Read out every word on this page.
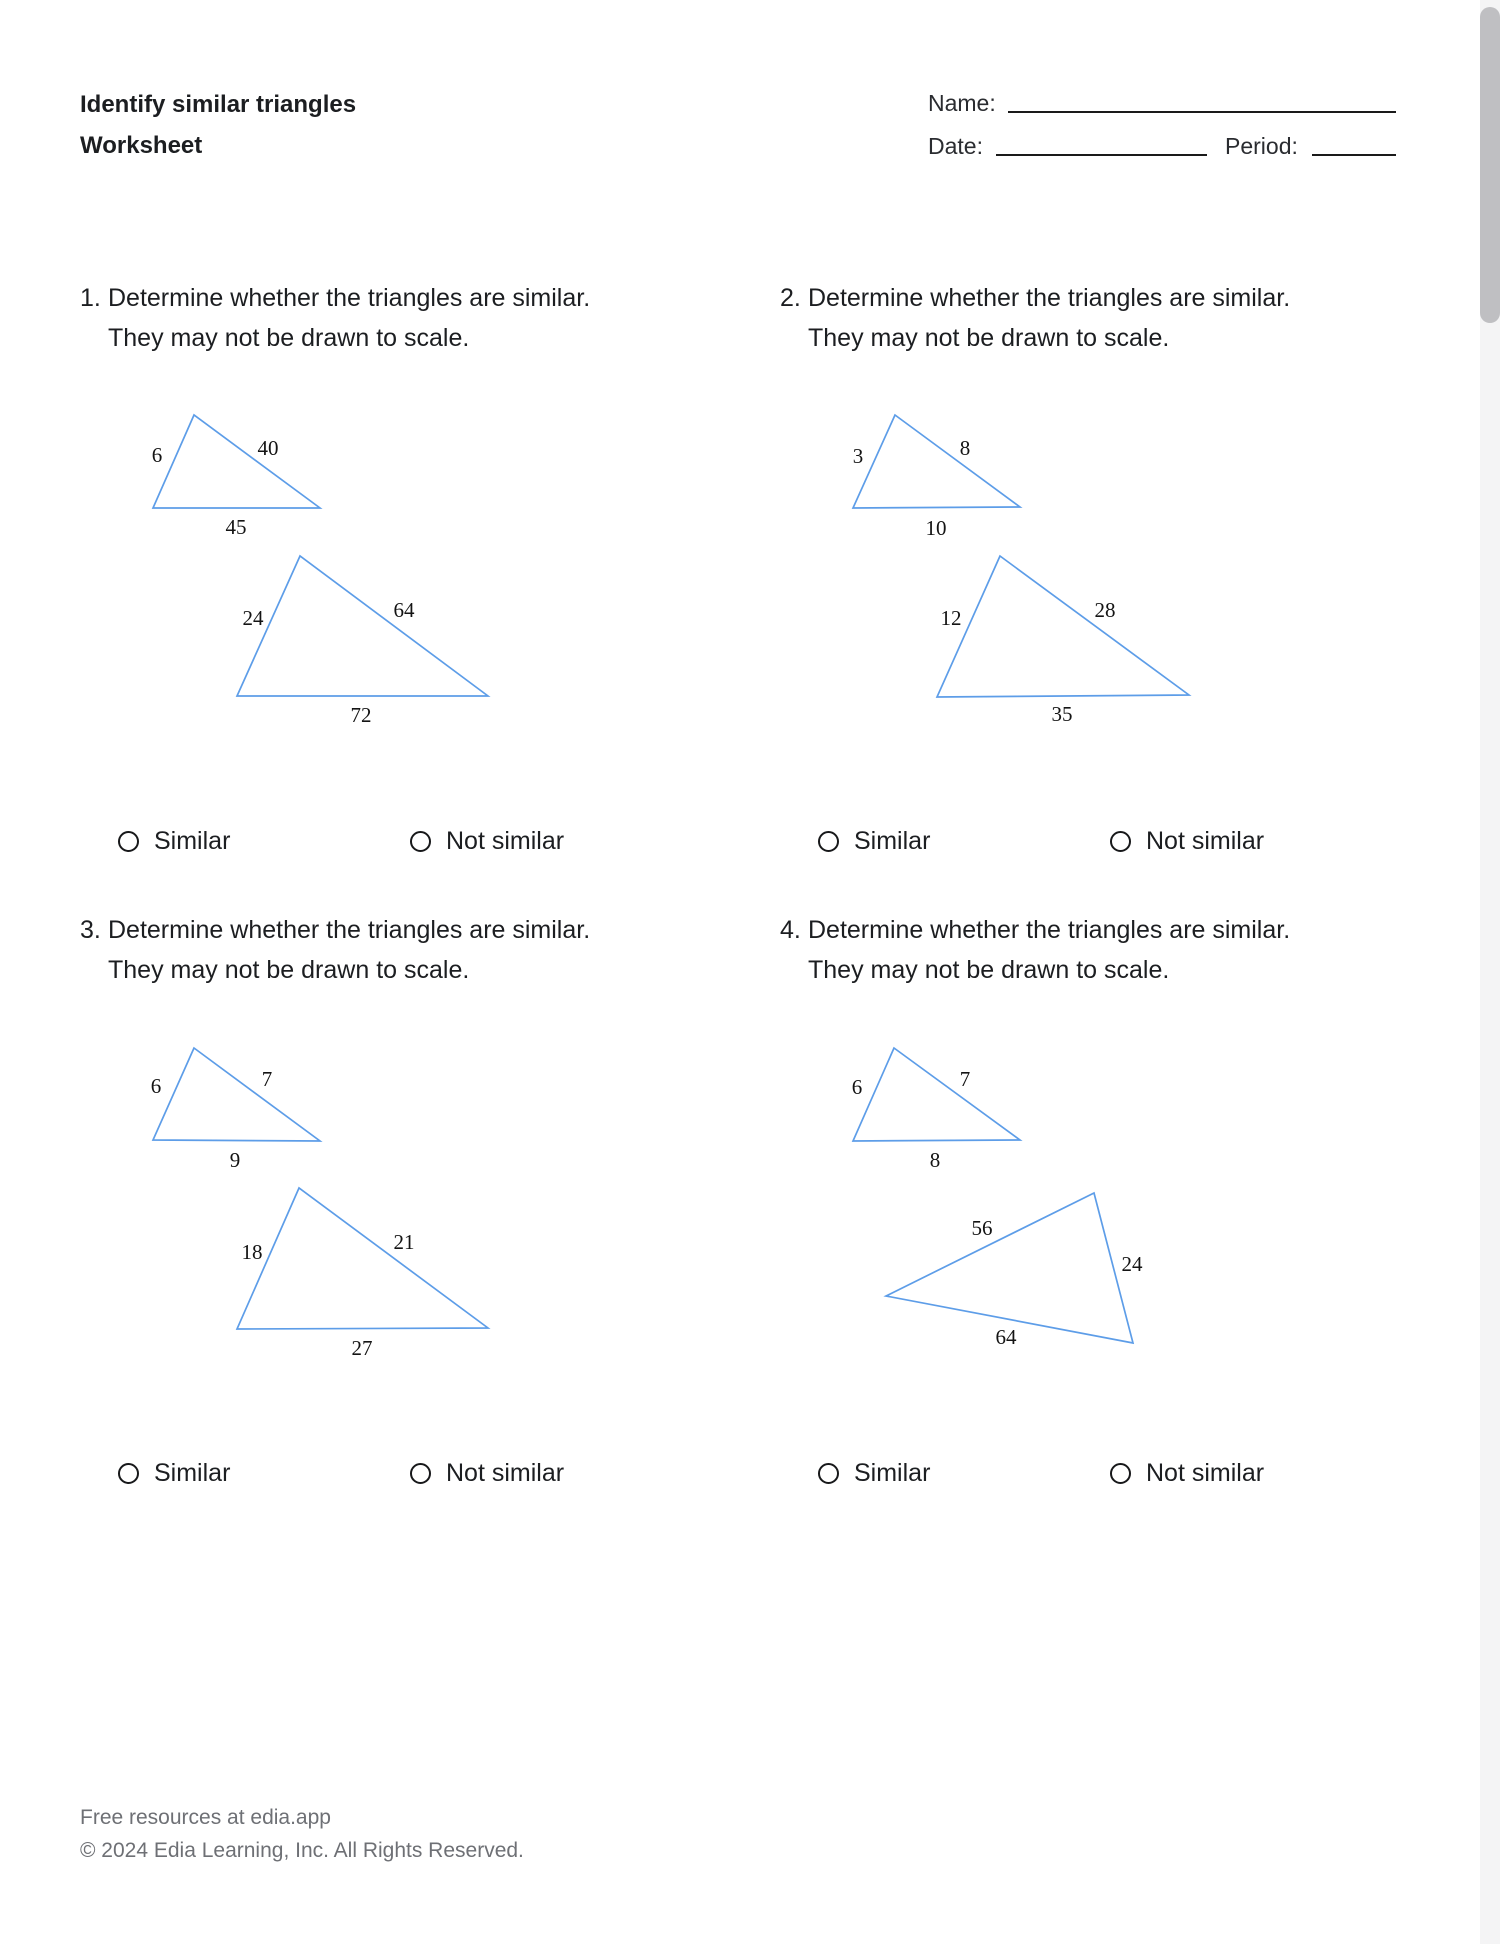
Identify similar triangles
Worksheet
Name:
Date:	Period:
1. Determine whether the triangles are similar.
They may not be drawn to scale.
2. Determine whether the triangles are similar.
They may not be drawn to scale.
3. Determine whether the triangles are similar.
They may not be drawn to scale.
4. Determine whether the triangles are similar.
They may not be drawn to scale.
6	40
45
24	64
72
3	8
10
12	28
35
6	7
9
18	21
27
6	7
8
56
24
64
Similar	Not similar	Similar	Not similar
Similar	Not similar	Similar	Not similar
Free resources at edia.app
© 2024 Edia Learning, Inc. All Rights Reserved.
